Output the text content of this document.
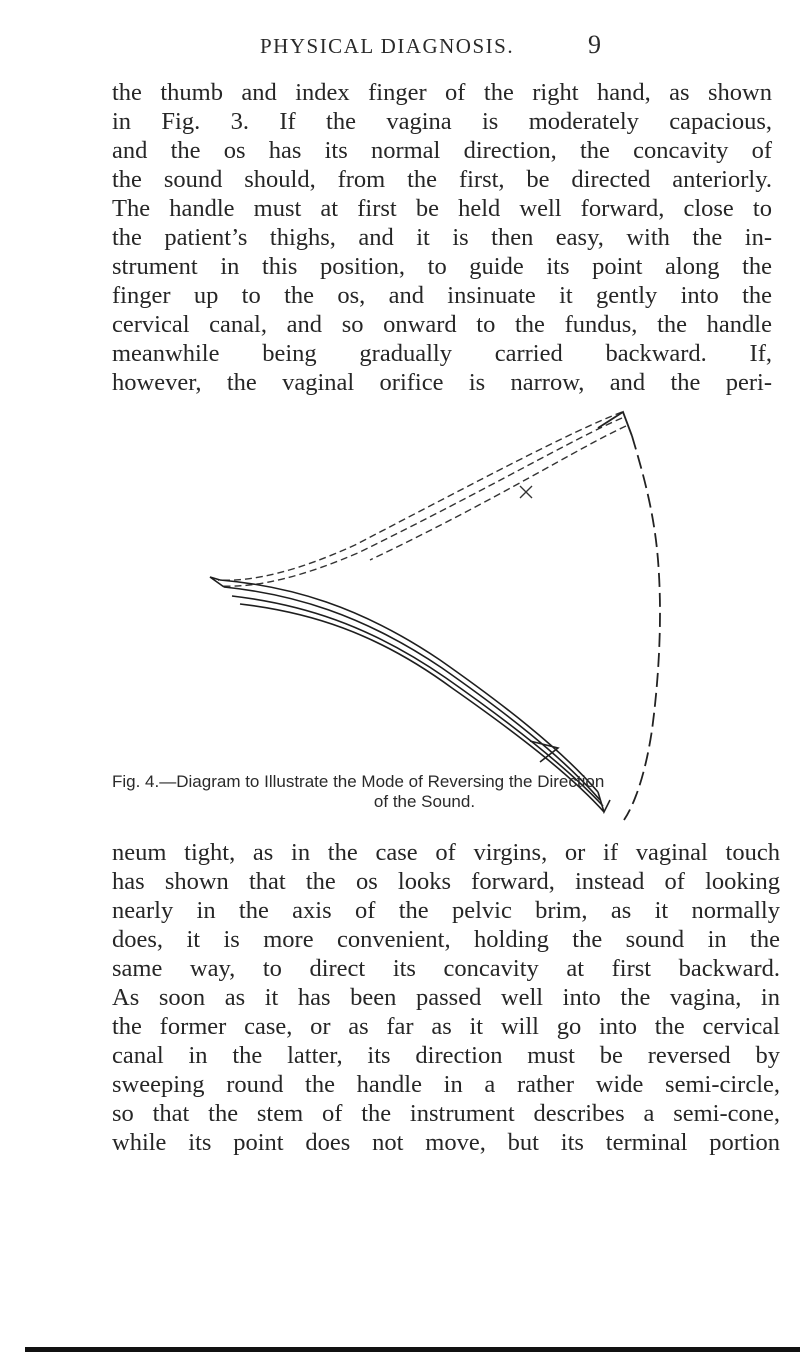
PHYSICAL DIAGNOSIS.	9
the thumb and index finger of the right hand, as shown
in Fig. 3. If the vagina is moderately capacious,
and the os has its normal direction, the concavity of
the sound should, from the first, be directed anteriorly.
The handle must at first be held well forward, close to
the patient’s thighs, and it is then easy, with the in-
strument in this position, to guide its point along the
finger up to the os, and insinuate it gently into the
cervical canal, and so onward to the fundus, the handle
meanwhile being gradually carried backward. If,
however, the vaginal orifice is narrow, and the peri-
Fig. 4.—Diagram to Illustrate the Mode of Reversing the Direction
of the Sound.
neum tight, as in the case of virgins, or if vaginal touch
has shown that the os looks forward, instead of looking
nearly in the axis of the pelvic brim, as it normally
does, it is more convenient, holding the sound in the
same way, to direct its concavity at first backward.
As soon as it has been passed well into the vagina, in
the former case, or as far as it will go into the cervical
canal in the latter, its direction must be reversed by
sweeping round the handle in a rather wide semi-circle,
so that the stem of the instrument describes a semi-cone,
while its point does not move, but its terminal portion
